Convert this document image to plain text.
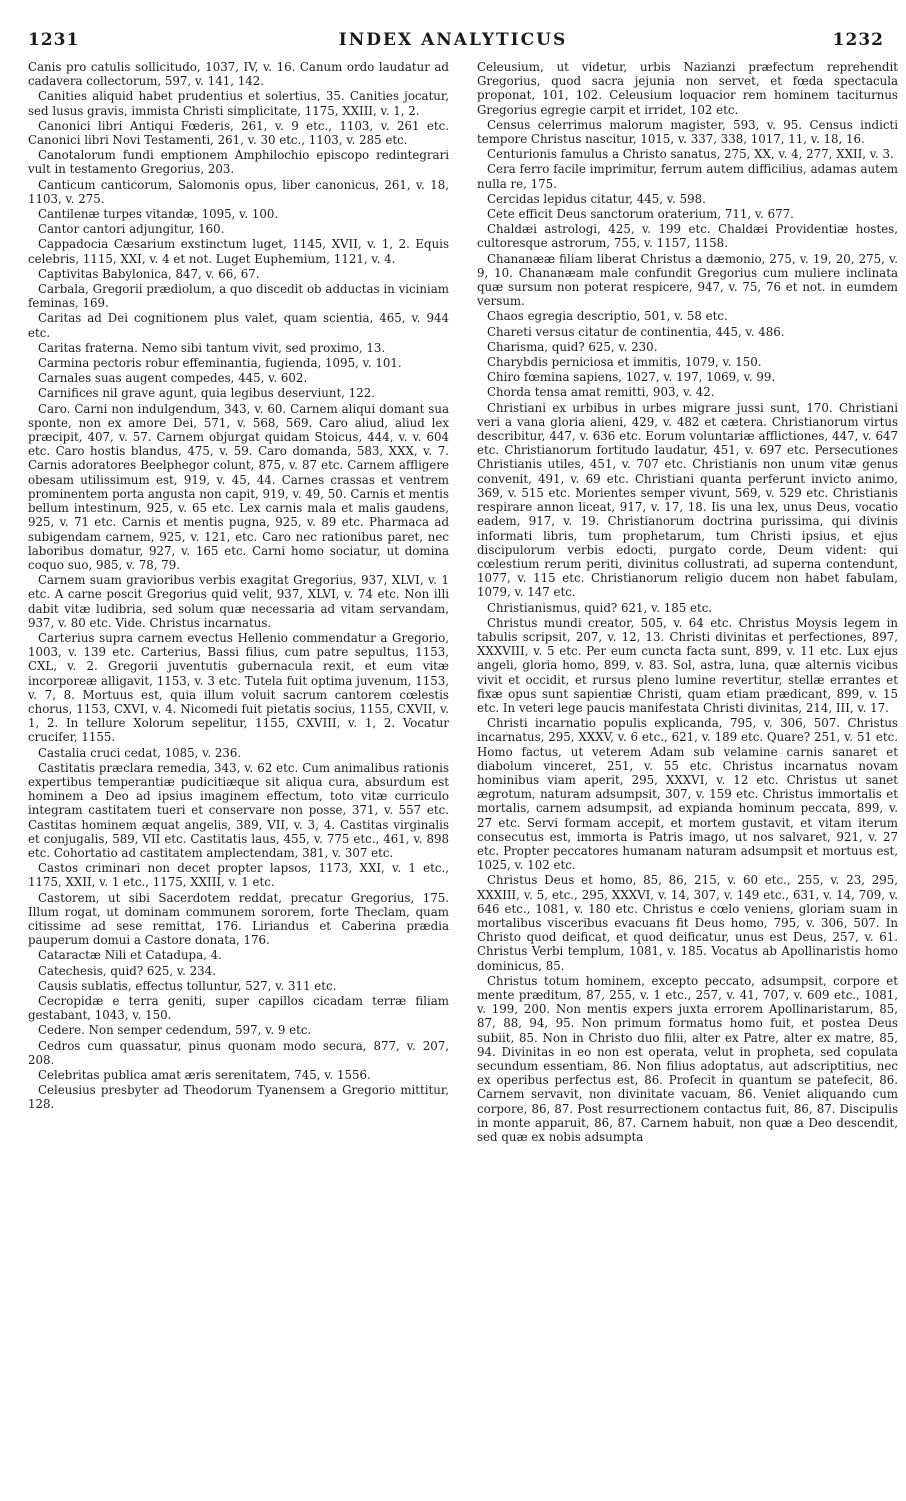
1231	INDEX ANALYTICUS	1232

Canis pro catulis sollicitudo, 1037, IV, v. 16. Canum ordo laudatur ad cadavera collectorum, 597, v. 141, 142.

Canities aliquid habet prudentius et solertius, 35. Canities jocatur, sed lusus gravis, immista Christi simplicitate, 1175, XXIII, v. 1, 2.

Canonici libri Antiqui Fœderis, 261, v. 9 etc., 1103, v. 261 etc. Canonici libri Novi Testamenti, 261, v. 30 etc., 1103, v. 285 etc.

Canotalorum fundi emptionem Amphilochio episcopo redintegrari vult in testamento Gregorius, 203.

Canticum canticorum, Salomonis opus, liber canonicus, 261, v. 18, 1103, v. 275.

Cantilenæ turpes vitandæ, 1095, v. 100.

Cantor cantori adjungitur, 160.

Cappadocia Cæsarium exstinctum luget, 1145, XVII, v. 1, 2. Equis celebris, 1115, XXI, v. 4 et not. Luget Euphemium, 1121, v. 4.

Captivitas Babylonica, 847, v. 66, 67.

Carbala, Gregorii prædiolum, a quo discedit ob adductas in viciniam feminas, 169.

Caritas ad Dei cognitionem plus valet, quam scientia, 465, v. 944 etc.

Caritas fraterna. Nemo sibi tantum vivit, sed proximo, 13.

Carmina pectoris robur effeminantia, fugienda, 1095, v. 101.

Carnales suas augent compedes, 445, v. 602.

Carnifices nil grave agunt, quia legibus deserviunt, 122.

Caro. Carni non indulgendum, 343, v. 60. Carnem aliqui domant sua sponte, non ex amore Dei, 571, v. 568, 569. Caro aliud, aliud lex præcipit, 407, v. 57. Carnem objurgat quidam Stoicus, 444, v. v. 604 etc. Caro hostis blandus, 475, v. 59. Caro domanda, 583, XXX, v. 7. Carnis adoratores Beelphegor colunt, 875, v. 87 etc. Carnem affligere obesam utilissimum est, 919, v. 45, 44. Carnes crassas et ventrem prominentem porta angusta non capit, 919, v. 49, 50. Carnis et mentis bellum intestinum, 925, v. 65 etc. Lex carnis mala et malis gaudens, 925, v. 71 etc. Carnis et mentis pugna, 925, v. 89 etc. Pharmaca ad subigendam carnem, 925, v. 121, etc. Caro nec rationibus paret, nec laboribus domatur, 927, v. 165 etc. Carni homo sociatur, ut domina coquo suo, 985, v. 78, 79.

Carnem suam gravioribus verbis exagitat Gregorius, 937, XLVI, v. 1 etc. A carne poscit Gregorius quid velit, 937, XLVI, v. 74 etc. Non illi dabit vitæ ludibria, sed solum quæ necessaria ad vitam servandam, 937, v. 80 etc. Vide. Christus incarnatus.

Carterius supra carnem evectus Hellenio commendatur a Gregorio, 1003, v. 139 etc. Carterius, Bassi filius, cum patre sepultus, 1153, CXL, v. 2. Gregorii juventutis gubernacula rexit, et eum vitæ incorporeæ alligavit, 1153, v. 3 etc. Tutela fuit optima juvenum, 1153, v. 7, 8. Mortuus est, quia illum voluit sacrum cantorem cœlestis chorus, 1153, CXVI, v. 4. Nicomedi fuit pietatis socius, 1155, CXVII, v. 1, 2. In tellure Xolorum sepelitur, 1155, CXVIII, v. 1, 2. Vocatur crucifer, 1155.

Castalia cruci cedat, 1085, v. 236.

Castitatis præclara remedia, 343, v. 62 etc. Cum animalibus rationis expertibus temperantiæ pudicitiæque sit aliqua cura, absurdum est hominem a Deo ad ipsius imaginem effectum, toto vitæ curriculo integram castitatem tueri et conservare non posse, 371, v. 557 etc. Castitas hominem æquat angelis, 389, VII, v. 3, 4. Castitas virginalis et conjugalis, 589, VII etc. Castitatis laus, 455, v. 775 etc., 461, v. 898 etc. Cohortatio ad castitatem amplectendam, 381, v. 307 etc.

Castos criminari non decet propter lapsos, 1173, XXI, v. 1 etc., 1175, XXII, v. 1 etc., 1175, XXIII, v. 1 etc.

Castorem, ut sibi Sacerdotem reddat, precatur Gregorius, 175. Illum rogat, ut dominam communem sororem, forte Theclam, quam citissime ad sese remittat, 176. Liriandus et Caberina prædia pauperum domui a Castore donata, 176.

Cataractæ Nili et Catadupa, 4.

Catechesis, quid? 625, v. 234.

Causis sublatis, effectus tolluntur, 527, v. 311 etc.

Cecropidæ e terra geniti, super capillos cicadam terræ filiam gestabant, 1043, v. 150.

Cedere. Non semper cedendum, 597, v. 9 etc.

Cedros cum quassatur, pinus quonam modo secura, 877, v. 207, 208.

Celebritas publica amat æris serenitatem, 745, v. 1556.

Celeusius presbyter ad Theodorum Tyanensem a Gregorio mittitur, 128.

Celeusium, ut videtur, urbis Nazianzi præfectum reprehendit Gregorius, quod sacra jejunia non servet, et fœda spectacula proponat, 101, 102. Celeusium loquacior rem hominem taciturnus Gregorius egregie carpit et irridet, 102 etc.

Census celerrimus malorum magister, 593, v. 95. Census indicti tempore Christus nascitur, 1015, v. 337, 338, 1017, 11, v. 18, 16.

Centurionis famulus a Christo sanatus, 275, XX, v. 4, 277, XXII, v. 3.

Cera ferro facile imprimitur, ferrum autem difficilius, adamas autem nulla re, 175.

Cercidas lepidus citatur, 445, v. 598.

Cete efficit Deus sanctorum oraterium, 711, v. 677.

Chaldæi astrologi, 425, v. 199 etc. Chaldæi Providentiæ hostes, cultoresque astrorum, 755, v. 1157, 1158.

Chananææ filiam liberat Christus a dæmonio, 275, v. 19, 20, 275, v. 9, 10. Chananæam male confundit Gregorius cum muliere inclinata quæ sursum non poterat respicere, 947, v. 75, 76 et not. in eumdem versum.

Chaos egregia descriptio, 501, v. 58 etc.

Chareti versus citatur de continentia, 445, v. 486.

Charisma, quid? 625, v. 230.

Charybdis perniciosa et immitis, 1079, v. 150.

Chiro fœmina sapiens, 1027, v. 197, 1069, v. 99.

Chorda tensa amat remitti, 903, v. 42.

Christiani ex urbibus in urbes migrare jussi sunt, 170. Christiani veri a vana gloria alieni, 429, v. 482 et cætera. Christianorum virtus describitur, 447, v. 636 etc. Eorum voluntariæ afflictiones, 447, v. 647 etc. Christianorum fortitudo laudatur, 451, v. 697 etc. Persecutiones Christianis utiles, 451, v. 707 etc. Christianis non unum vitæ genus convenit, 491, v. 69 etc. Christiani quanta perferunt invicto animo, 369, v. 515 etc. Morientes semper vivunt, 569, v. 529 etc. Christianis respirare annon liceat, 917, v. 17, 18. Iis una lex, unus Deus, vocatio eadem, 917, v. 19. Christianorum doctrina purissima, qui divinis informati libris, tum prophetarum, tum Christi ipsius, et ejus discipulorum verbis edocti, purgato corde, Deum vident: qui cœlestium rerum periti, divinitus collustrati, ad superna contendunt, 1077, v. 115 etc. Christianorum religio ducem non habet fabulam, 1079, v. 147 etc.

Christianismus, quid? 621, v. 185 etc.

Christus mundi creator, 505, v. 64 etc. Christus Moysis legem in tabulis scripsit, 207, v. 12, 13. Christi divinitas et perfectiones, 897, XXXVIII, v. 5 etc. Per eum cuncta facta sunt, 899, v. 11 etc. Lux ejus angeli, gloria homo, 899, v. 83. Sol, astra, luna, quæ alternis vicibus vivit et occidit, et rursus pleno lumine revertitur, stellæ errantes et fixæ opus sunt sapientiæ Christi, quam etiam prædicant, 899, v. 15 etc. In veteri lege paucis manifestata Christi divinitas, 214, III, v. 17.

Christi incarnatio populis explicanda, 795, v. 306, 507. Christus incarnatus, 295, XXXV, v. 6 etc., 621, v. 189 etc. Quare? 251, v. 51 etc. Homo factus, ut veterem Adam sub velamine carnis sanaret et diabolum vinceret, 251, v. 55 etc. Christus incarnatus novam hominibus viam aperit, 295, XXXVI, v. 12 etc. Christus ut sanet ægrotum, naturam adsumpsit, 307, v. 159 etc. Christus immortalis et mortalis, carnem adsumpsit, ad expianda hominum peccata, 899, v. 27 etc. Servi formam accepit, et mortem gustavit, et vitam iterum consecutus est, immorta is Patris imago, ut nos salvaret, 921, v. 27 etc. Propter peccatores humanam naturam adsumpsit et mortuus est, 1025, v. 102 etc.

Christus Deus et homo, 85, 86, 215, v. 60 etc., 255, v. 23, 295, XXXIII, v. 5, etc., 295, XXXVI, v. 14, 307, v. 149 etc., 631, v. 14, 709, v. 646 etc., 1081, v. 180 etc. Christus e cœlo veniens, gloriam suam in mortalibus visceribus evacuans fit Deus homo, 795, v. 306, 507. In Christo quod deificat, et quod deificatur, unus est Deus, 257, v. 61. Christus Verbi templum, 1081, v. 185. Vocatus ab Apollinaristis homo dominicus, 85.

Christus totum hominem, excepto peccato, adsumpsit, corpore et mente præditum, 87, 255, v. 1 etc., 257, v. 41, 707, v. 609 etc., 1081, v. 199, 200. Non mentis expers juxta errorem Apollinaristarum, 85, 87, 88, 94, 95. Non primum formatus homo fuit, et postea Deus subiit, 85. Non in Christo duo filii, alter ex Patre, alter ex matre, 85, 94. Divinitas in eo non est operata, velut in propheta, sed copulata secundum essentiam, 86. Non filius adoptatus, aut adscriptitius, nec ex operibus perfectus est, 86. Profecit in quantum se patefecit, 86. Carnem servavit, non divinitate vacuam, 86. Veniet aliquando cum corpore, 86, 87. Post resurrectionem contactus fuit, 86, 87. Discipulis in monte apparuit, 86, 87. Carnem habuit, non quæ a Deo descendit, sed quæ ex nobis adsumpta
